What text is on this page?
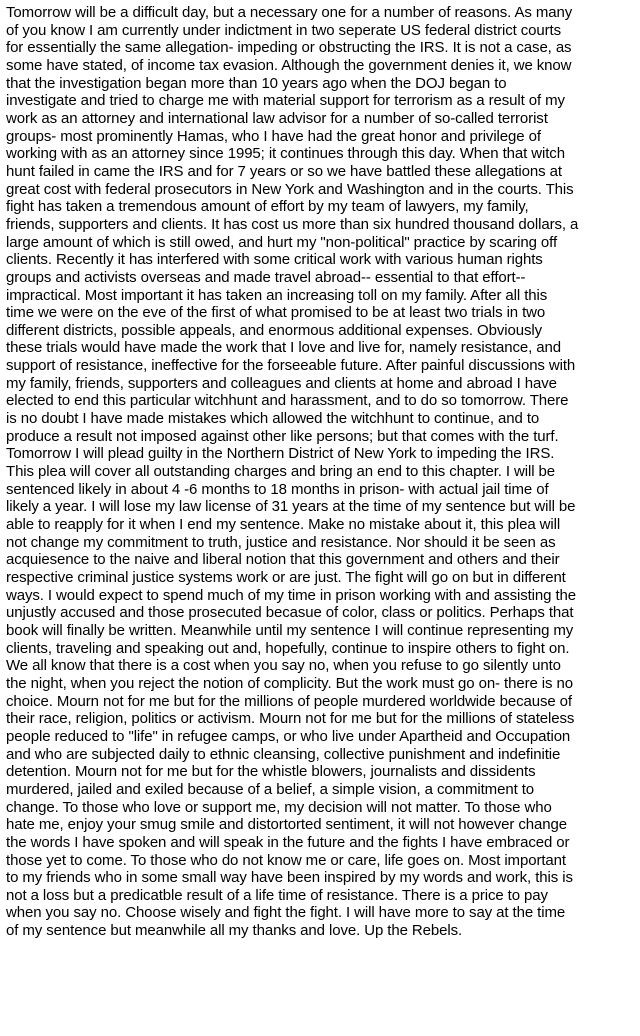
Tomorrow will be a difficult day, but a necessary one for a number of reasons. As many
of you know I am currently under indictment in two seperate US federal district courts
for essentially the same allegation- impeding or obstructing the IRS. It is not a case, as
some have stated, of income tax evasion. Although the government denies it, we know
that the investigation began more than 10 years ago when the DOJ began to
investigate and tried to charge me with material support for terrorism as a result of my
work as an attorney and international law advisor for a number of so-called terrorist
groups- most prominently Hamas, who I have had the great honor and privilege of
working with as an attorney since 1995; it continues through this day. When that witch
hunt failed in came the IRS and for 7 years or so we have battled these allegations at
great cost with federal prosecutors in New York and Washington and in the courts. This
fight has taken a tremendous amount of effort by my team of lawyers, my family,
friends, supporters and clients. It has cost us more than six hundred thousand dollars, a
large amount of which is still owed, and hurt my "non-political" practice by scaring off
clients. Recently it has interfered with some critical work with various human rights
groups and activists overseas and made travel abroad-- essential to that effort--
impractical. Most important it has taken an increasing toll on my family. After all this
time we were on the eve of the first of what promised to be at least two trials in two
different districts, possible appeals, and enormous additional expenses. Obviously
these trials would have made the work that I love and live for, namely resistance, and
support of resistance, ineffective for the forseeable future. After painful discussions with
my family, friends, supporters and colleagues and clients at home and abroad I have
elected to end this particular witchhunt and harassment, and to do so tomorrow. There
is no doubt I have made mistakes which allowed the witchhunt to continue, and to
produce a result not imposed against other like persons; but that comes with the turf.
Tomorrow I will plead guilty in the Northern District of New York to impeding the IRS.
This plea will cover all outstanding charges and bring an end to this chapter. I will be
sentenced likely in about 4 -6 months to 18 months in prison- with actual jail time of
likely a year. I will lose my law license of 31 years at the time of my sentence but will be
able to reapply for it when I end my sentence. Make no mistake about it, this plea will
not change my commitment to truth, justice and resistance. Nor should it be seen as
acquiesence to the naive and liberal notion that this government and others and their
respective criminal justice systems work or are just. The fight will go on but in different
ways. I would expect to spend much of my time in prison working with and assisting the
unjustly accused and those prosecuted becasue of color, class or politics. Perhaps that
book will finally be written. Meanwhile until my sentence I will continue representing my
clients, traveling and speaking out and, hopefully, continue to inspire others to fight on.
We all know that there is a cost when you say no, when you refuse to go silently unto
the night, when you reject the notion of complicity. But the work must go on- there is no
choice. Mourn not for me but for the millions of people murdered worldwide because of
their race, religion, politics or activism. Mourn not for me but for the millions of stateless
people reduced to "life" in refugee camps, or who live under Apartheid and Occupation
and who are subjected daily to ethnic cleansing, collective punishment and indefinitie
detention. Mourn not for me but for the whistle blowers, journalists and dissidents
murdered, jailed and exiled because of a belief, a simple vision, a commitment to
change. To those who love or support me, my decision will not matter. To those who
hate me, enjoy your smug smile and distortorted sentiment, it will not however change
the words I have spoken and will speak in the future and the fights I have embraced or
those yet to come. To those who do not know me or care, life goes on. Most important
to my friends who in some small way have been inspired by my words and work, this is
not a loss but a predicatble result of a life time of resistance. There is a price to pay
when you say no. Choose wisely and fight the fight. I will have more to say at the time
of my sentence but meanwhile all my thanks and love. Up the Rebels.
